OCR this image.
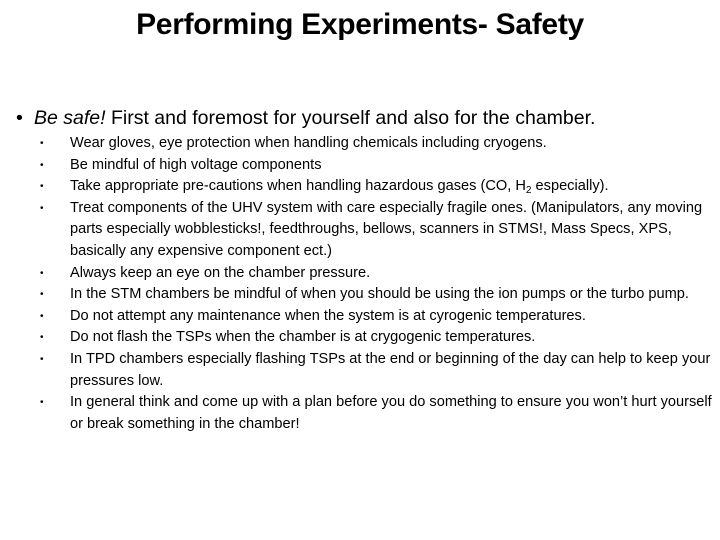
Performing Experiments- Safety
• Be safe! First and foremost for yourself and also for the chamber.
• Wear gloves, eye protection when handling chemicals including cryogens.
• Be mindful of high voltage components
• Take appropriate pre-cautions when handling hazardous gases (CO, $H_2$ especially).
• Treat components of the UHV system with care especially fragile ones. (Manipulators, any moving parts especially wobblesticks!, feedthroughs, bellows, scanners in STMS!, Mass Specs, XPS, basically any expensive component ect.)
• Always keep an eye on the chamber pressure.
• In the STM chambers be mindful of when you should be using the ion pumps or the turbo pump.
• Do not attempt any maintenance when the system is at cyrogenic temperatures.
• Do not flash the TSPs when the chamber is at crygogenic temperatures.
• In TPD chambers especially flashing TSPs at the end or beginning of the day can help to keep your pressures low.
• In general think and come up with a plan before you do something to ensure you won’t hurt yourself or break something in the chamber!
